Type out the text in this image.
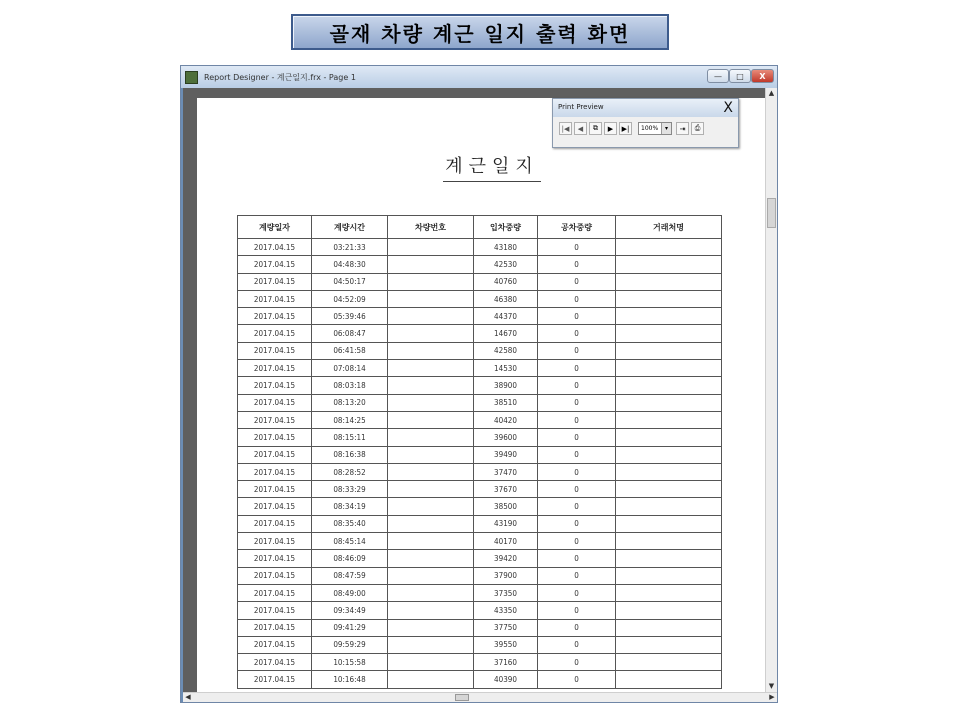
골재 차량 계근 일지 출력 화면
Report Designer - 계근일지.frx - Page 1	—	□	X
계근일지
계량일자	계량시간	차량번호	입차중량	공차중량	거래처명
2017.04.15	03:21:33		43180	0	
2017.04.15	04:48:30		42530	0	
2017.04.15	04:50:17		40760	0	
2017.04.15	04:52:09		46380	0	
2017.04.15	05:39:46		44370	0	
2017.04.15	06:08:47		14670	0	
2017.04.15	06:41:58		42580	0	
2017.04.15	07:08:14		14530	0	
2017.04.15	08:03:18		38900	0	
2017.04.15	08:13:20		38510	0	
2017.04.15	08:14:25		40420	0	
2017.04.15	08:15:11		39600	0	
2017.04.15	08:16:38		39490	0	
2017.04.15	08:28:52		37470	0	
2017.04.15	08:33:29		37670	0	
2017.04.15	08:34:19		38500	0	
2017.04.15	08:35:40		43190	0	
2017.04.15	08:45:14		40170	0	
2017.04.15	08:46:09		39420	0	
2017.04.15	08:47:59		37900	0	
2017.04.15	08:49:00		37350	0	
2017.04.15	09:34:49		43350	0	
2017.04.15	09:41:29		37750	0	
2017.04.15	09:59:29		39550	0	
2017.04.15	10:15:58		37160	0	
2017.04.15	10:16:48		40390	0	
▲
▼
◀	▶
Print Preview	X
|◀	◀	⧉	▶	▶|	100%	▾	⇥	⎙
